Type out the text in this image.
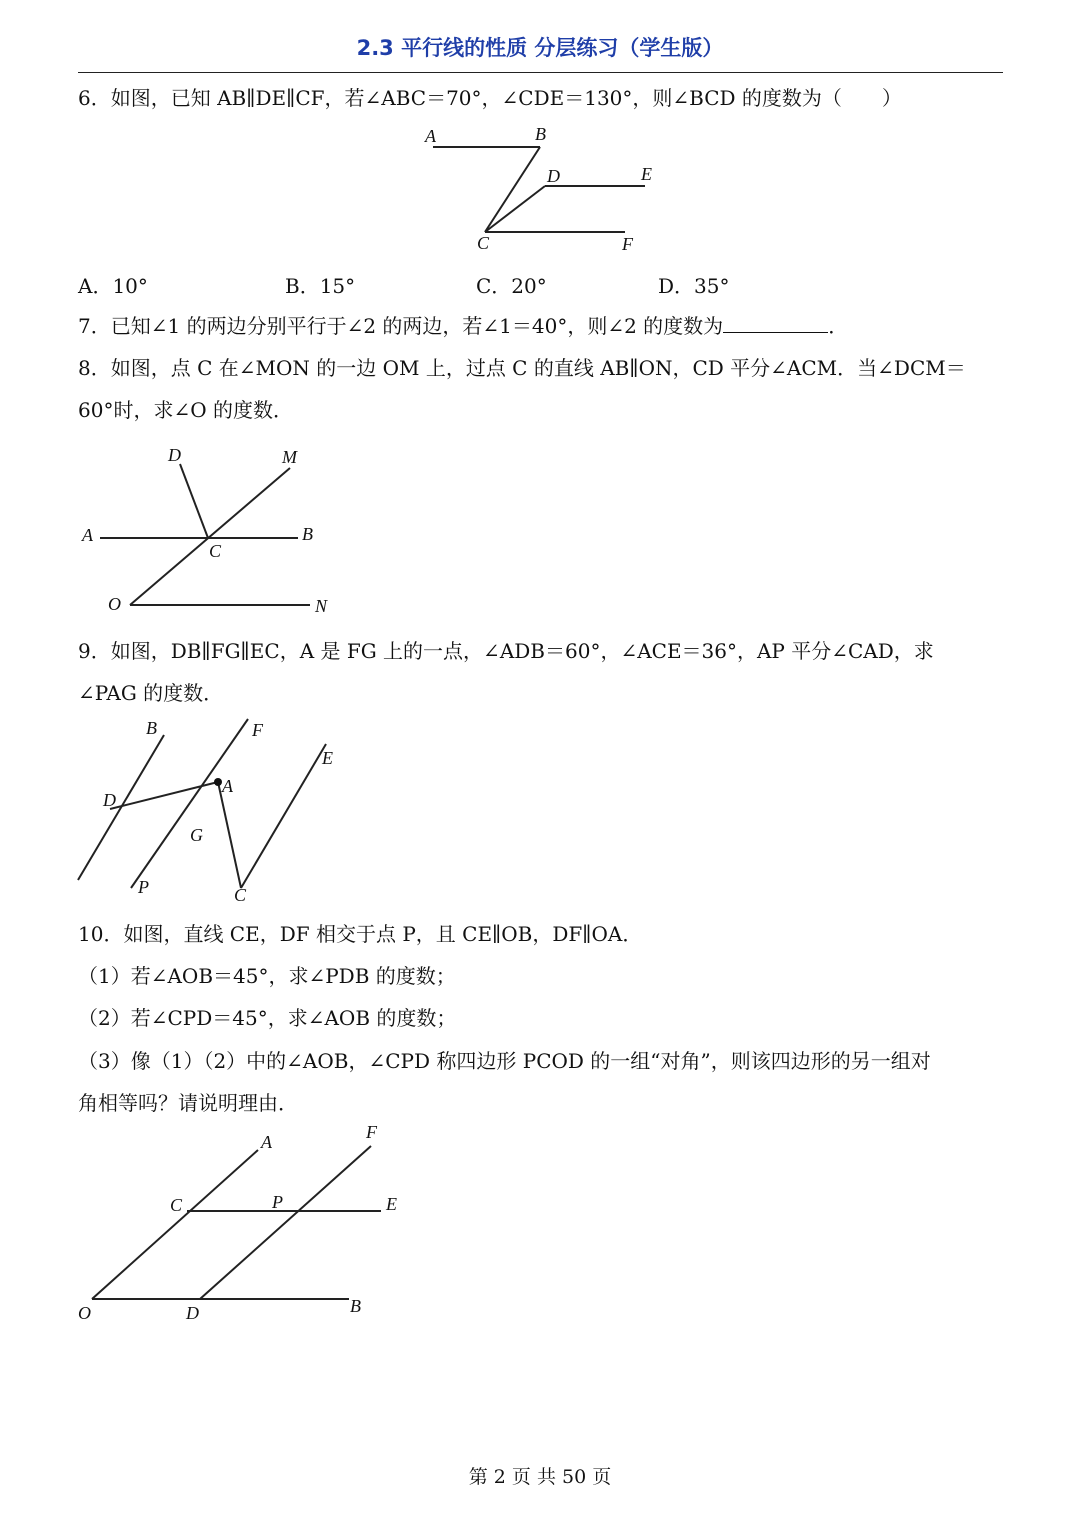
2.3 平行线的性质 分层练习（学生版）
6．如图，已知 AB∥DE∥CF，若∠ABC＝70°，∠CDE＝130°，则∠BCD 的度数为（　　）
A	B
D	E
C	F
A．10°	B．15°	C．20°	D．35°
7．已知∠1 的两边分别平行于∠2 的两边，若∠1＝40°，则∠2 的度数为	．
8．如图，点 C 在∠MON 的一边 OM 上，过点 C 的直线 AB∥ON，CD 平分∠ACM．当∠DCM＝
60°时，求∠O 的度数．
D	M
A	B
C
O	N
9．如图，DB∥FG∥EC，A 是 FG 上的一点，∠ADB＝60°，∠ACE＝36°，AP 平分∠CAD，求
∠PAG 的度数．
B	F
E
D
A
G
P	C
10．如图，直线 CE，DF 相交于点 P，且 CE∥OB，DF∥OA．
（1）若∠AOB＝45°，求∠PDB 的度数；
（2）若∠CPD＝45°，求∠AOB 的度数；
（3）像（1）（2）中的∠AOB，∠CPD 称四边形 PCOD 的一组“对角”，则该四边形的另一组对
角相等吗？请说明理由．
A	F
C	P	E
O	D	B
第 2 页 共 50 页
